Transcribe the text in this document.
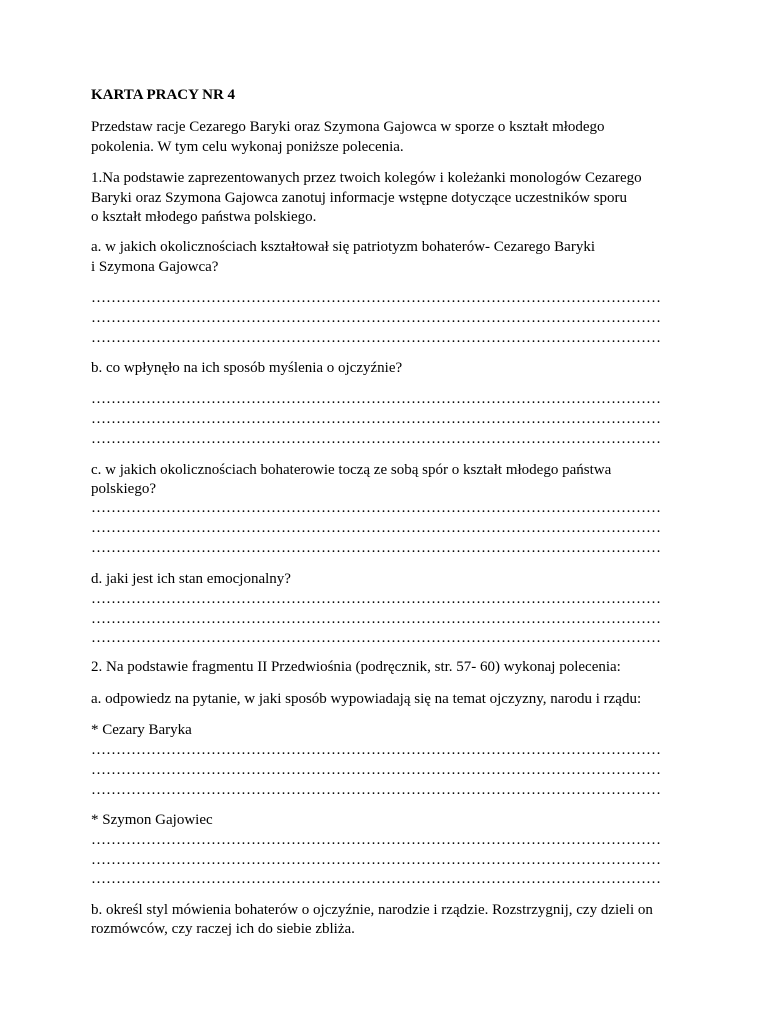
KARTA PRACY NR 4
Przedstaw racje Cezarego Baryki oraz Szymona Gajowca w sporze o kształt młodego
pokolenia. W tym celu wykonaj poniższe polecenia.
1.Na podstawie zaprezentowanych przez twoich kolegów i koleżanki monologów Cezarego
Baryki oraz Szymona Gajowca zanotuj informacje wstępne dotyczące uczestników sporu
o kształt młodego państwa polskiego.
a. w jakich okolicznościach kształtował się patriotyzm bohaterów- Cezarego Baryki
i Szymona Gajowca?
……………………………………………………………………………………………………
……………………………………………………………………………………………………
……………………………………………………………………………………………………
b. co wpłynęło na ich sposób myślenia o ojczyźnie?
……………………………………………………………………………………………………
……………………………………………………………………………………………………
……………………………………………………………………………………………………
c. w jakich okolicznościach bohaterowie toczą ze sobą spór o kształt młodego państwa
polskiego?
……………………………………………………………………………………………………
……………………………………………………………………………………………………
……………………………………………………………………………………………………
d. jaki jest ich stan emocjonalny?
……………………………………………………………………………………………………
……………………………………………………………………………………………………
……………………………………………………………………………………………………
2. Na podstawie fragmentu II Przedwiośnia (podręcznik, str. 57- 60) wykonaj polecenia:
a. odpowiedz na pytanie, w jaki sposób wypowiadają się na temat ojczyzny, narodu i rządu:
* Cezary Baryka
……………………………………………………………………………………………………
……………………………………………………………………………………………………
……………………………………………………………………………………………………
* Szymon Gajowiec
……………………………………………………………………………………………………
……………………………………………………………………………………………………
……………………………………………………………………………………………………
b. określ styl mówienia bohaterów o ojczyźnie, narodzie i rządzie. Rozstrzygnij, czy dzieli on
rozmówców, czy raczej ich do siebie zbliża.
